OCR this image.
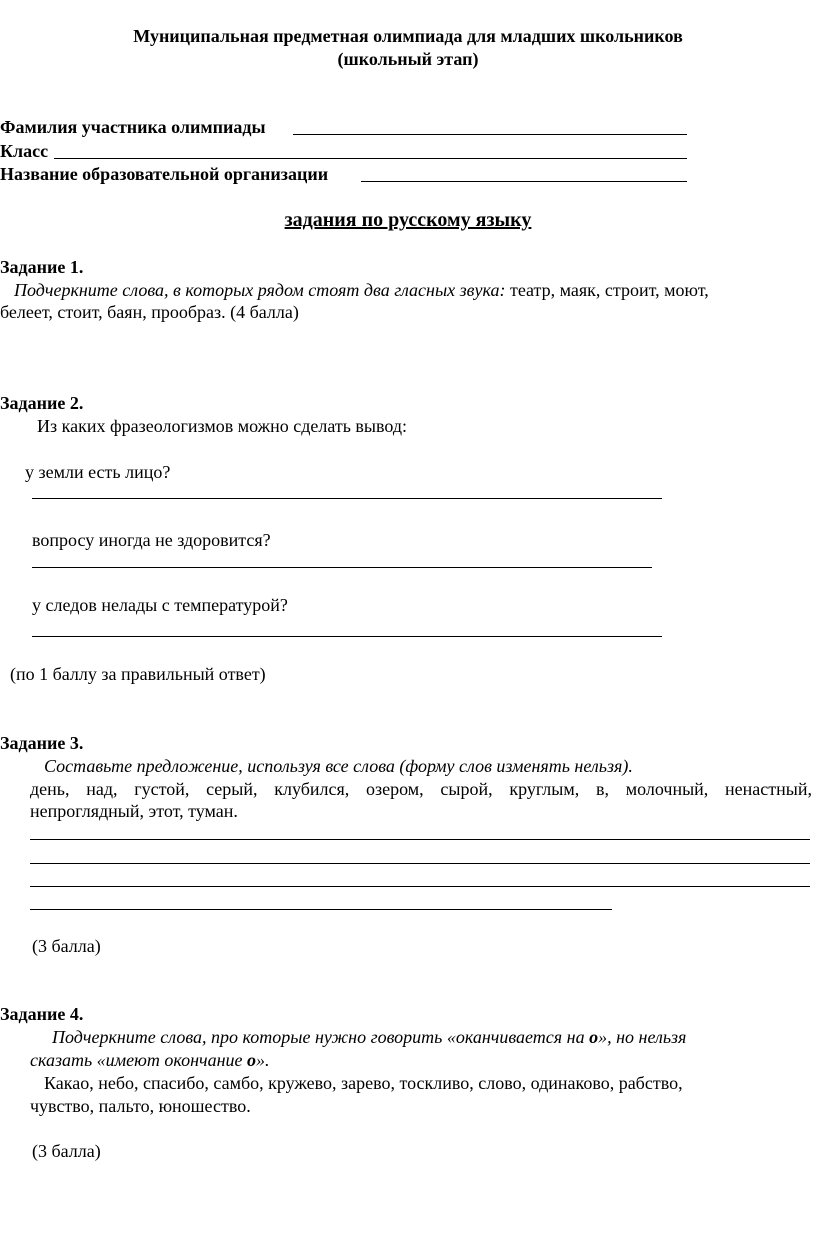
Муниципальная предметная олимпиада для младших школьников
(школьный этап)
Фамилия участника олимпиады
Класс
Название образовательной организации
задания по русскому языку
Задание 1.
Подчеркните слова, в которых рядом стоят два гласных звука: театр, маяк, строит, моют,
белеет, стоит, баян, прообраз. (4 балла)
Задание 2.
Из каких фразеологизмов можно сделать вывод:
у земли есть лицо?
вопросу иногда не здоровится?
у следов нелады с температурой?
(по 1 баллу за правильный ответ)
Задание 3.
Составьте предложение, используя все слова (форму слов изменять нельзя).
день, над, густой, серый, клубился, озером, сырой, круглым, в, молочный, ненастный,
непроглядный, этот, туман.
(3 балла)
Задание 4.
Подчеркните слова, про которые нужно говорить «оканчивается на о», но нельзя
сказать «имеют окончание о».
Какао, небо, спасибо, самбо, кружево, зарево, тоскливо, слово, одинаково, рабство,
чувство, пальто, юношество.
(3 балла)
